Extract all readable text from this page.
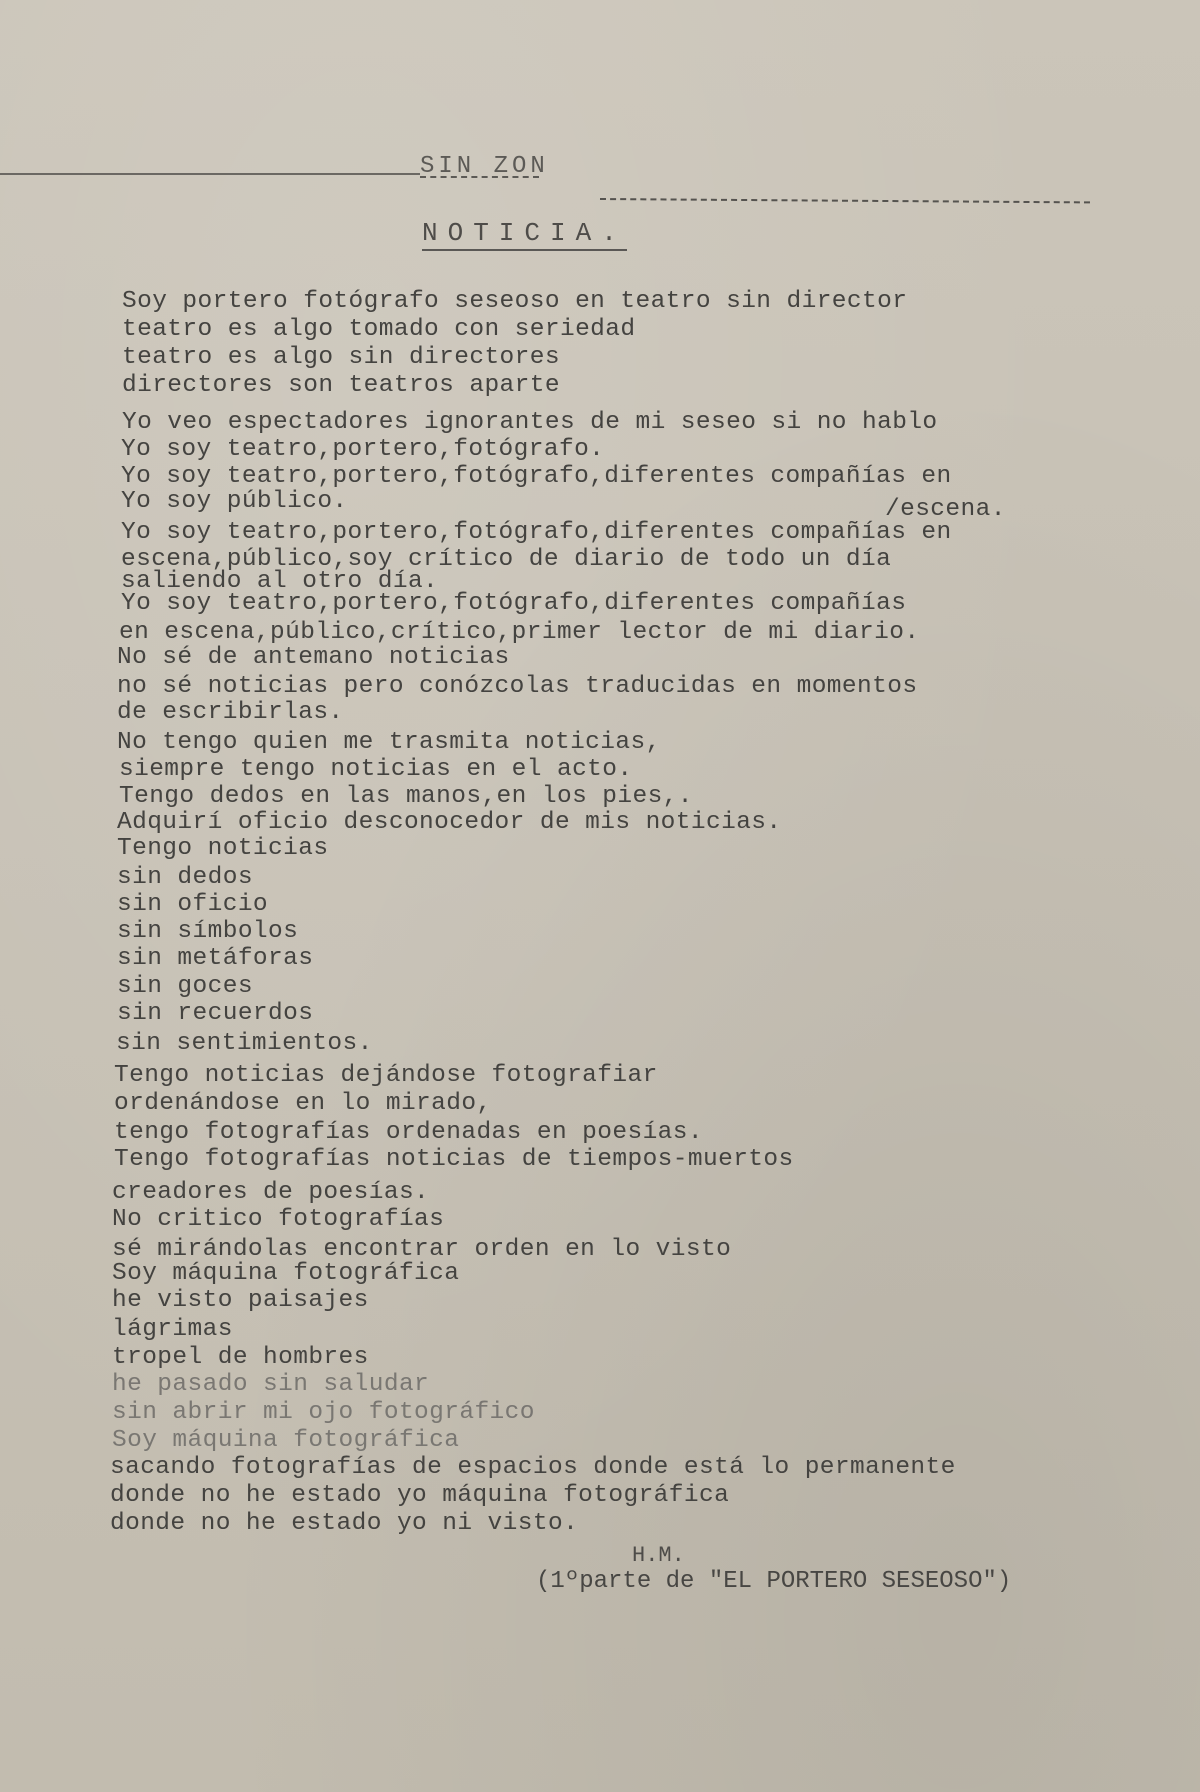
SIN ZON
NOTICIA.
Soy portero fotógrafo seseoso en teatro sin director
teatro es algo tomado con seriedad
teatro es algo sin directores
directores son teatros aparte
Yo veo espectadores ignorantes de mi seseo si no hablo
Yo soy teatro,portero,fotógrafo.
Yo soy teatro,portero,fotógrafo,diferentes compañías en
Yo soy público.	/escena.
Yo soy teatro,portero,fotógrafo,diferentes compañías en
escena,público,soy crítico de diario de todo un día
saliendo al otro día.
Yo soy teatro,portero,fotógrafo,diferentes compañías
en escena,público,crítico,primer lector de mi diario.
No sé de antemano noticias
no sé noticias pero conózcolas traducidas en momentos
de escribirlas.
No tengo quien me trasmita noticias,
siempre tengo noticias en el acto.
Tengo dedos en las manos,en los pies,.
Adquirí oficio desconocedor de mis noticias.
Tengo noticias
sin dedos
sin oficio
sin símbolos
sin metáforas
sin goces
sin recuerdos
sin sentimientos.
Tengo noticias dejándose fotografiar
ordenándose en lo mirado,
tengo fotografías ordenadas en poesías.
Tengo fotografías noticias de tiempos-muertos
creadores de poesías.
No critico fotografías
sé mirándolas encontrar orden en lo visto
Soy máquina fotográfica
he visto paisajes
lágrimas
tropel de hombres
he pasado sin saludar
sin abrir mi ojo fotográfico
Soy máquina fotográfica
sacando fotografías de espacios donde está lo permanente
donde no he estado yo máquina fotográfica
donde no he estado yo ni visto.
H.M.
(1ºparte de "EL PORTERO SESEOSO")
